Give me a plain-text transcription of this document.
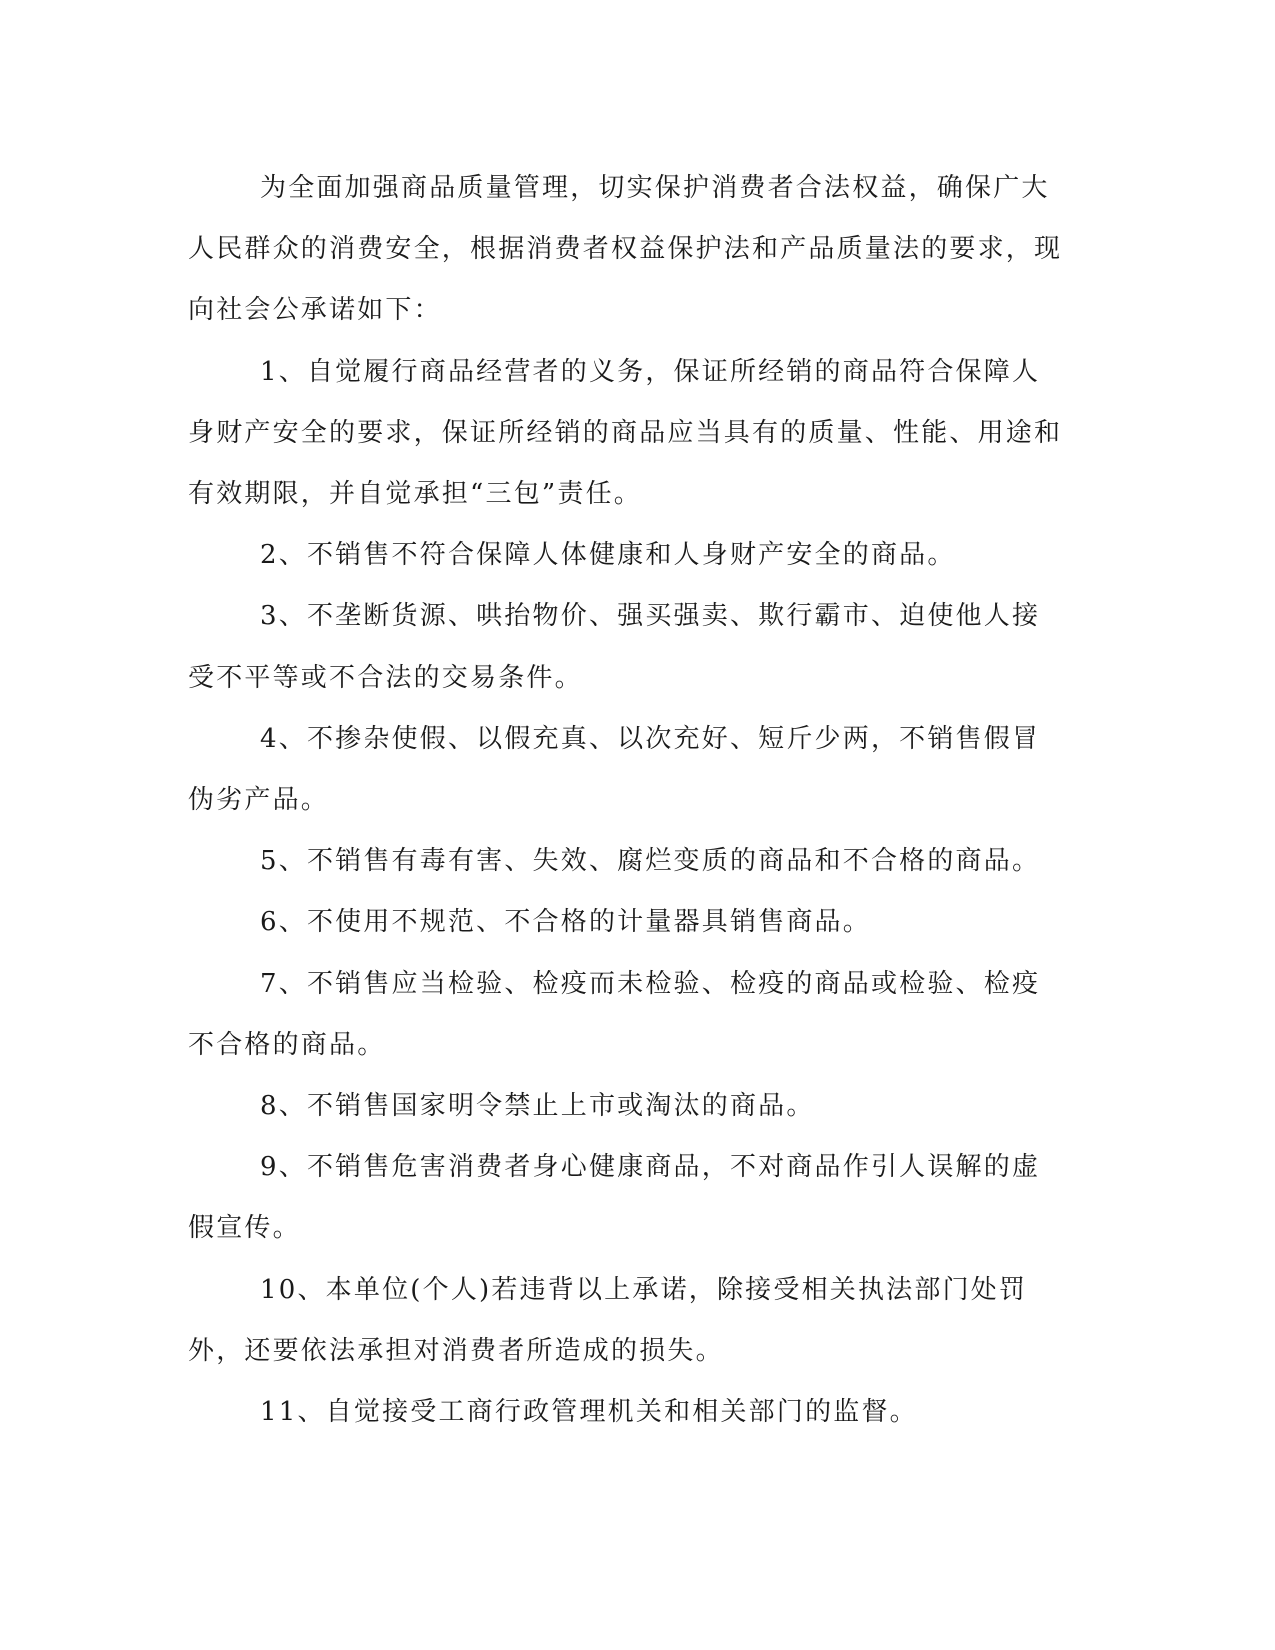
为全面加强商品质量管理，切实保护消费者合法权益，确保广大人民群众的消费安全，根据消费者权益保护法和产品质量法的要求，现向社会公承诺如下：

1、自觉履行商品经营者的义务，保证所经销的商品符合保障人身财产安全的要求，保证所经销的商品应当具有的质量、性能、用途和有效期限，并自觉承担“三包”责任。

2、不销售不符合保障人体健康和人身财产安全的商品。

3、不垄断货源、哄抬物价、强买强卖、欺行霸市、迫使他人接受不平等或不合法的交易条件。

4、不掺杂使假、以假充真、以次充好、短斤少两，不销售假冒伪劣产品。

5、不销售有毒有害、失效、腐烂变质的商品和不合格的商品。

6、不使用不规范、不合格的计量器具销售商品。

7、不销售应当检验、检疫而未检验、检疫的商品或检验、检疫不合格的商品。

8、不销售国家明令禁止上市或淘汰的商品。

9、不销售危害消费者身心健康商品，不对商品作引人误解的虚假宣传。

10、本单位(个人)若违背以上承诺，除接受相关执法部门处罚外，还要依法承担对消费者所造成的损失。

11、自觉接受工商行政管理机关和相关部门的监督。
